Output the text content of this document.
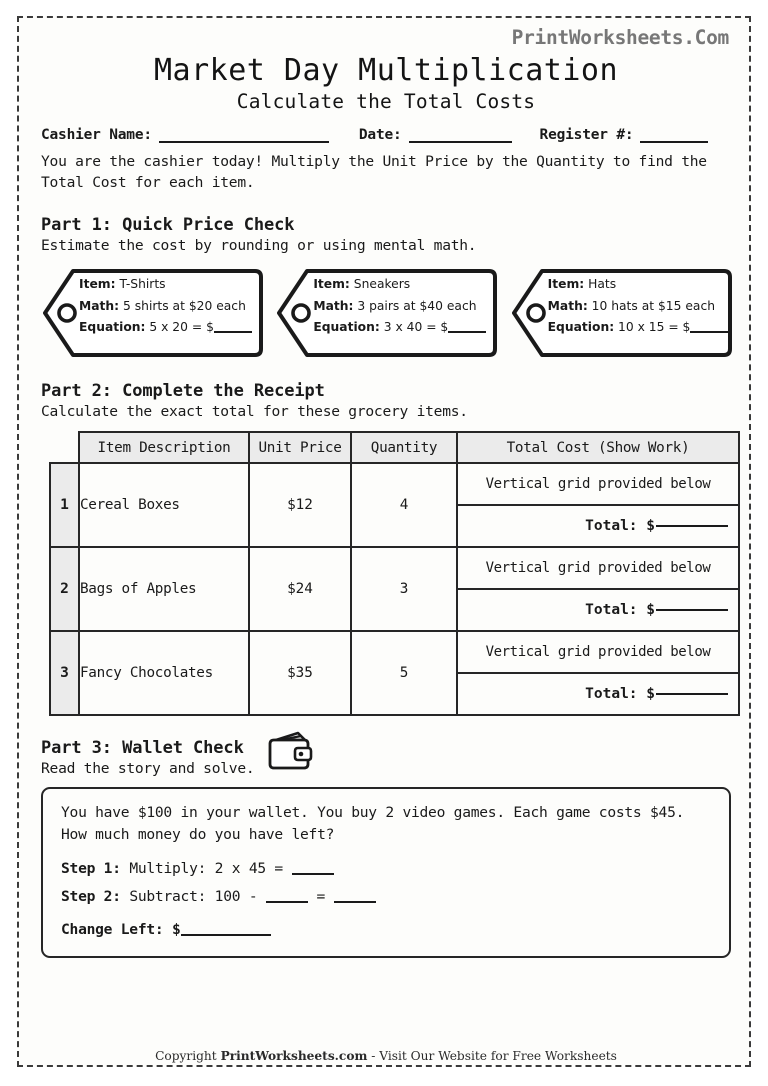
PrintWorksheets.Com
Market Day Multiplication
Calculate the Total Costs
Cashier Name:	Date:	Register #:
You are the cashier today! Multiply the Unit Price by the Quantity to find the Total Cost for each item.
Part 1: Quick Price Check
Estimate the cost by rounding or using mental math.
Item: T-Shirts
Math: 5 shirts at $20 each
Equation: 5 x 20 = $
Item: Sneakers
Math: 3 pairs at $40 each
Equation: 3 x 40 = $
Item: Hats
Math: 10 hats at $15 each
Equation: 10 x 15 = $
Part 2: Complete the Receipt
Calculate the exact total for these grocery items.
	Item Description	Unit Price	Quantity	Total Cost (Show Work)
1	Cereal Boxes	$12	4	Vertical grid provided below
Total: $

2	Bags of Apples	$24	3	Vertical grid provided below
Total: $

3	Fancy Chocolates	$35	5	Vertical grid provided below
Total: $
Part 3: Wallet Check
Read the story and solve.
You have $100 in your wallet. You buy 2 video games. Each game costs $45. How much money do you have left?
Step 1: Multiply: 2 x 45 =
Step 2: Subtract: 100 -	=
Change Left: $
Copyright PrintWorksheets.com - Visit Our Website for Free Worksheets
